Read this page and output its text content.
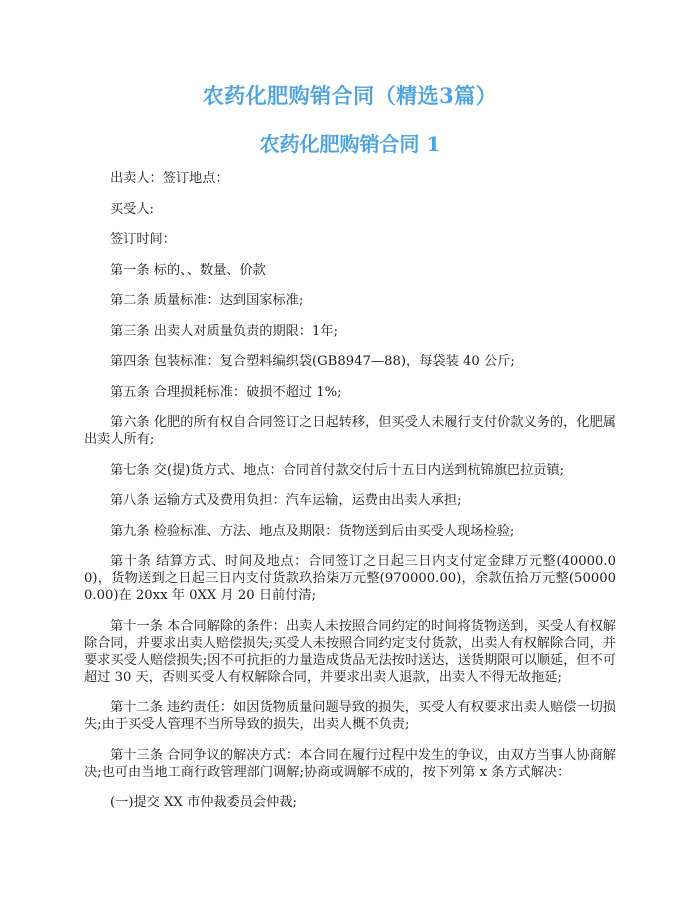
农药化肥购销合同（精选3篇）
农药化肥购销合同 1

出卖人：签订地点：

买受人:

签订时间：

第一条 标的、、数量、价款

第二条 质量标准：达到国家标准;

第三条 出卖人对质量负责的期限：1年;

第四条 包装标准：复合塑料编织袋(GB8947—88)，每袋装 40 公斤;

第五条 合理损耗标准：破损不超过 1%;

第六条 化肥的所有权自合同签订之日起转移，但买受人未履行支付价款义务的，化肥属出卖人所有;

第七条 交(提)货方式、地点：合同首付款交付后十五日内送到杭锦旗巴拉贡镇;

第八条 运输方式及费用负担：汽车运输，运费由出卖人承担;

第九条 检验标准、方法、地点及期限：货物送到后由买受人现场检验;

第十条 结算方式、时间及地点：合同签订之日起三日内支付定金肆万元整(40000.00)，货物送到之日起三日内支付货款玖拾柒万元整(970000.00)，余款伍拾万元整(500000.00)在 20xx 年 0XX 月 20 日前付清;

第十一条 本合同解除的条件：出卖人未按照合同约定的时间将货物送到，买受人有权解除合同，并要求出卖人赔偿损失;买受人未按照合同约定支付货款，出卖人有权解除合同，并要求买受人赔偿损失;因不可抗拒的力量造成货品无法按时送达，送货期限可以顺延，但不可超过 30 天，否则买受人有权解除合同，并要求出卖人退款，出卖人不得无故拖延;

第十二条 违约责任：如因货物质量问题导致的损失，买受人有权要求出卖人赔偿一切损失;由于买受人管理不当所导致的损失，出卖人概不负责;

第十三条 合同争议的解决方式：本合同在履行过程中发生的争议，由双方当事人协商解决;也可由当地工商行政管理部门调解;协商或调解不成的，按下列第 x 条方式解决：

(一)提交 XX 市仲裁委员会仲裁;
